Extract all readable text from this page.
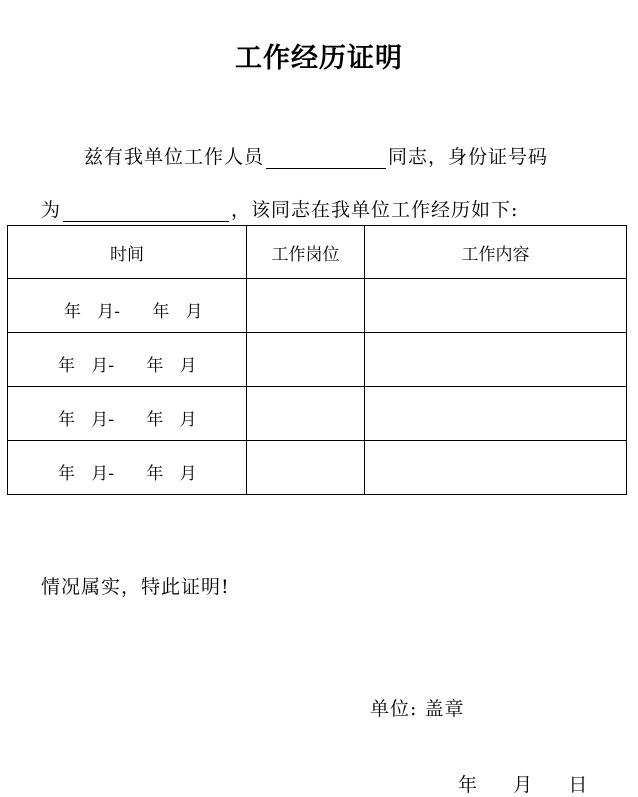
工作经历证明
兹有我单位工作人员	同志，身份证号码
为	，该同志在我单位工作经历如下:
时间	工作岗位	工作内容
年   月-      年   月		
年   月-      年   月		
年   月-      年   月		
年   月-      年   月		
情况属实，特此证明!
单位: 盖章
年     月     日
